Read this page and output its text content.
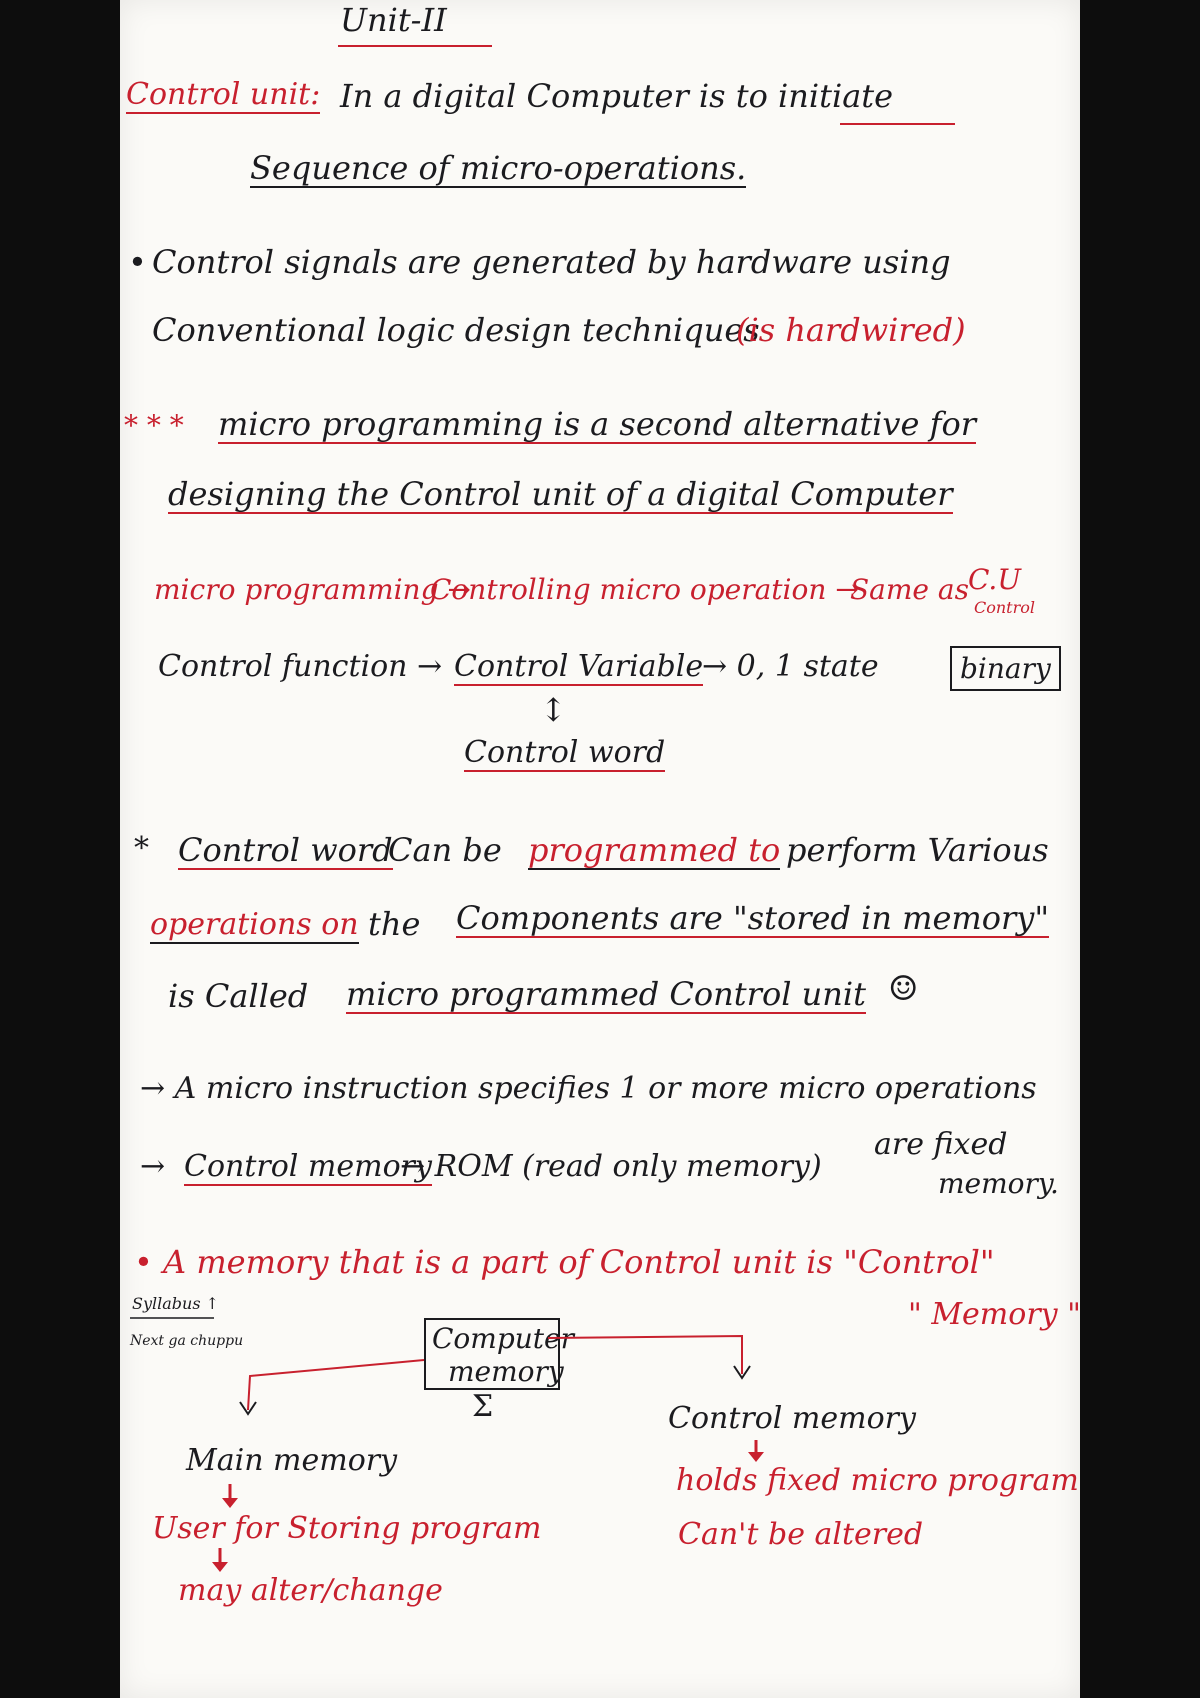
Unit-II
Control unit: In a digital Computer is to initiate
Sequence of micro-operations.
• Control signals are generated by hardware using
Conventional logic design techniques
(is hardwired)
* * * micro programming is a second alternative for
designing the Control unit of a digital Computer
micro programming →
Controlling micro operation →
Same as C.U
Control
Control function → Control Variable
→ 0, 1 state	binary
↕
Control word
* Control word
Can be programmed to perform Various
operations on the Components are "stored in memory"
is Called micro programmed Control unit ☺
→ A micro instruction specifies 1 or more micro operations
→ Control memory
→ ROM (read only memory)
are fixed
memory.
• A memory that is a part of Control unit is "Control"
" Memory "
Syllabus ↑
Next ga chuppu	Computer
memory
Σ
Main memory
User for Storing program
may alter/change
Control memory
holds fixed micro program
Can't be altered
